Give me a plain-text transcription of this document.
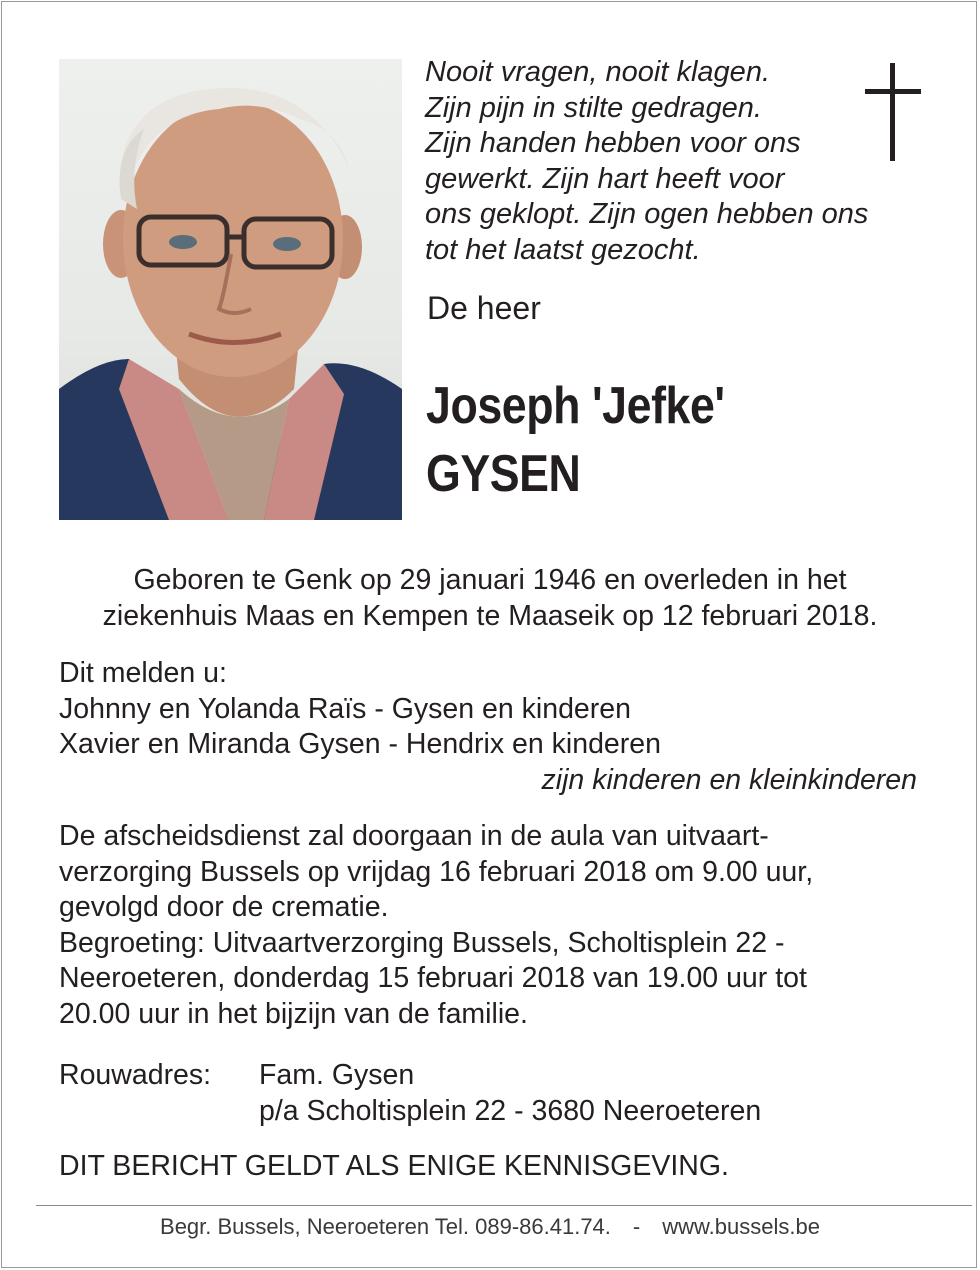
Nooit vragen, nooit klagen.
Zijn pijn in stilte gedragen.
Zijn handen hebben voor ons
gewerkt. Zijn hart heeft voor
ons geklopt. Zijn ogen hebben ons
tot het laatst gezocht.
De heer
Joseph 'Jefke'
GYSEN
Geboren te Genk op 29 januari 1946 en overleden in het
ziekenhuis Maas en Kempen te Maaseik op 12 februari 2018.
Dit melden u:
Johnny en Yolanda Raïs - Gysen en kinderen
Xavier en Miranda Gysen - Hendrix en kinderen
zijn kinderen en kleinkinderen
De afscheidsdienst zal doorgaan in de aula van uitvaart-
verzorging Bussels op vrijdag 16 februari 2018 om 9.00 uur,
gevolgd door de crematie.
Begroeting: Uitvaartverzorging Bussels, Scholtisplein 22 -
Neeroeteren, donderdag 15 februari 2018 van 19.00 uur tot
20.00 uur in het bijzijn van de familie.
Rouwadres:	Fam. Gysen
p/a Scholtisplein 22 - 3680 Neeroeteren
DIT BERICHT GELDT ALS ENIGE KENNISGEVING.
Begr. Bussels, Neeroeteren Tel. 089-86.41.74. - www.bussels.be
